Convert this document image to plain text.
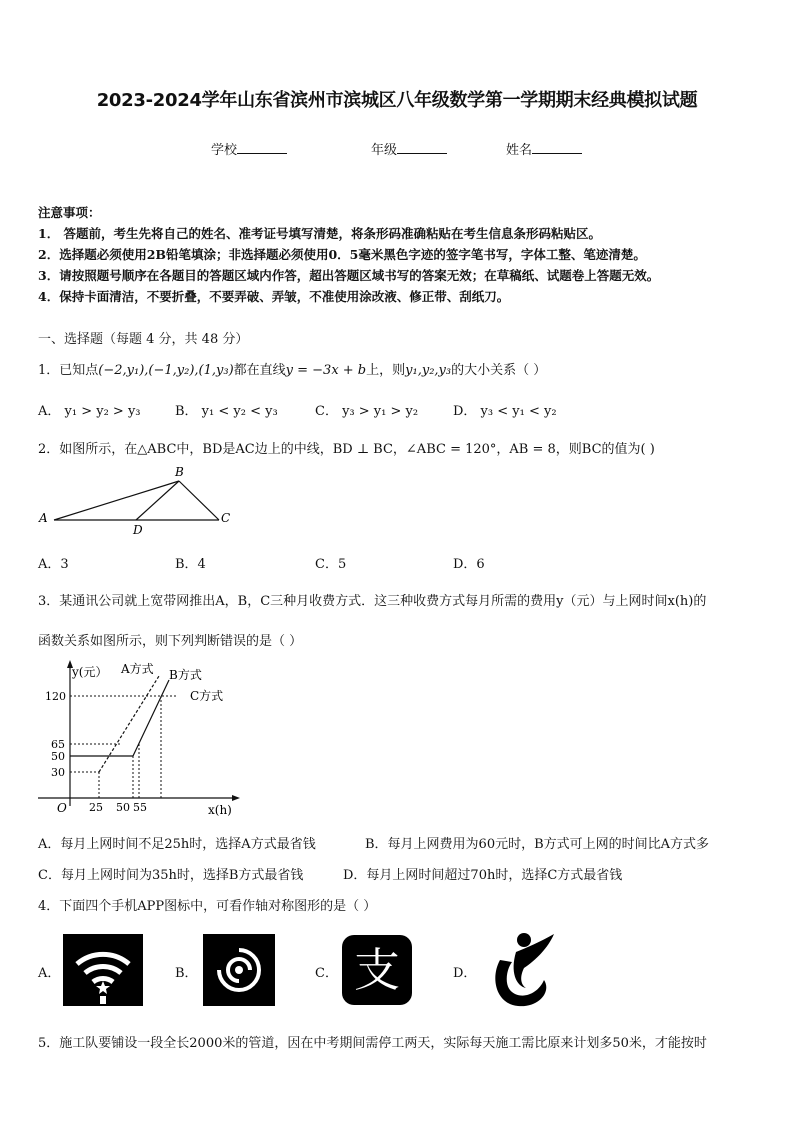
2023-2024学年山东省滨州市滨城区八年级数学第一学期期末经典模拟试题
学校	年级	姓名
注意事项：
1． 答题前，考生先将自己的姓名、准考证号填写清楚，将条形码准确粘贴在考生信息条形码粘贴区。
2．选择题必须使用2B铅笔填涂；非选择题必须使用0．5毫米黑色字迹的签字笔书写，字体工整、笔迹清楚。
3．请按照题号顺序在各题目的答题区域内作答，超出答题区域书写的答案无效；在草稿纸、试题卷上答题无效。
4．保持卡面清洁，不要折叠，不要弄破、弄皱，不准使用涂改液、修正带、刮纸刀。
一、选择题（每题 4 分，共 48 分）
1．已知点(−2,y₁),(−1,y₂),(1,y₃)都在直线y = −3x + b上，则y₁,y₂,y₃的大小关系（ ）
A． y₁ > y₂ > y₃	B． y₁ < y₂ < y₃	C． y₃ > y₁ > y₂	D． y₃ < y₁ < y₂
2．如图所示，在△ABC中，BD是AC边上的中线，BD ⊥ BC，∠ABC = 120°，AB = 8，则BC的值为( )
A
B
C
D
A．3	B．4	C．5	D．6
3．某通讯公司就上宽带网推出A，B，C三种月收费方式．这三种收费方式每月所需的费用y（元）与上网时间x(h)的
函数关系如图所示，则下列判断错误的是（ ）
y(元） A方式 B方式
C方式
120
65
50
30
O 25 50 55	x(h)
A．每月上网时间不足25h时，选择A方式最省钱	B．每月上网费用为60元时，B方式可上网的时间比A方式多
C．每月上网时间为35h时，选择B方式最省钱	D．每月上网时间超过70h时，选择C方式最省钱
4．下面四个手机APP图标中，可看作轴对称图形的是（ ）
A．	B．	C． 支	D．
5．施工队要铺设一段全长2000米的管道，因在中考期间需停工两天，实际每天施工需比原来计划多50米，才能按时
